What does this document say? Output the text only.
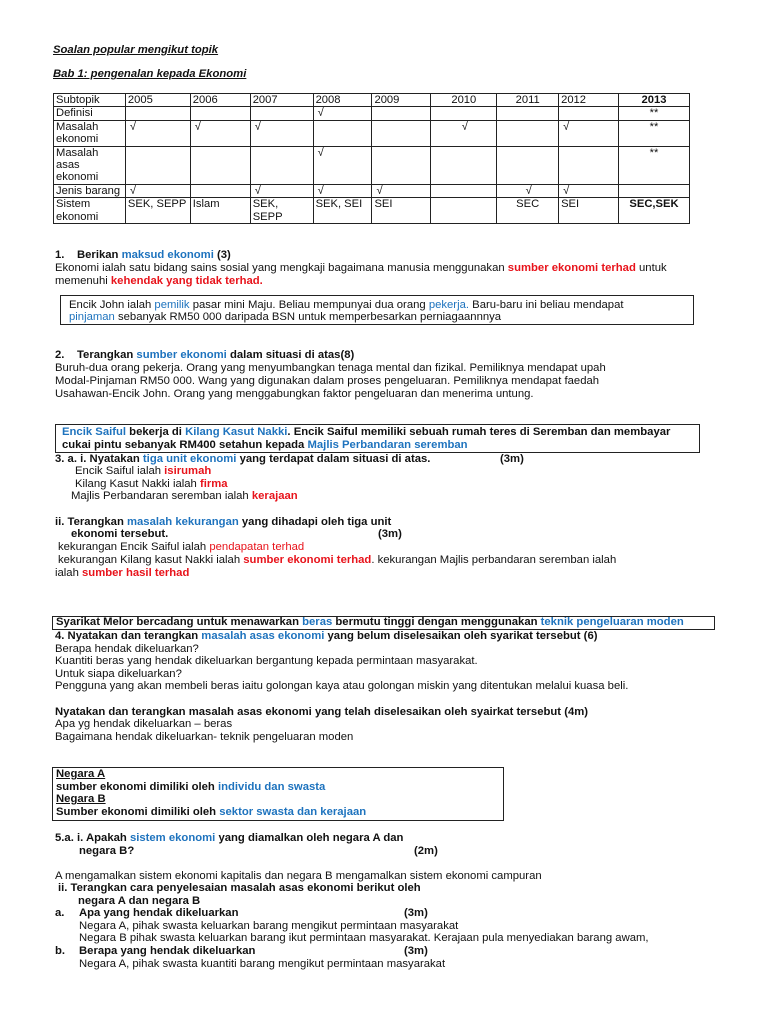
Soalan popular mengikut topik
Bab 1: pengenalan kepada Ekonomi
Subtopik	2005	2006	2007	2008	2009	2010	2011	2012	2013
Definisi				√					**
Masalah ekonomi	√	√	√			√		√	**
Masalah asas ekonomi				√					**
Jenis barang	√		√	√	√		√	√	
Sistem ekonomi	SEK, SEPP	Islam	SEK, SEPP	SEK, SEI	SEI		SEC	SEI	SEC,SEK
1. Berikan maksud ekonomi (3)
Ekonomi ialah satu bidang sains sosial yang mengkaji bagaimana manusia menggunakan sumber ekonomi terhad untuk
memenuhi kehendak yang tidak terhad.
Encik John ialah pemilik pasar mini Maju. Beliau mempunyai dua orang pekerja. Baru-baru ini beliau mendapat
pinjaman sebanyak RM50 000 daripada BSN untuk memperbesarkan perniagaannnya
2. Terangkan sumber ekonomi dalam situasi di atas(8)
Buruh-dua orang pekerja. Orang yang menyumbangkan tenaga mental dan fizikal. Pemiliknya mendapat upah
Modal-Pinjaman RM50 000. Wang yang digunakan dalam proses pengeluaran. Pemiliknya mendapat faedah
Usahawan-Encik John. Orang yang menggabungkan faktor pengeluaran dan menerima untung.
Encik Saiful bekerja di Kilang Kasut Nakki. Encik Saiful memiliki sebuah rumah teres di Seremban dan membayar
cukai pintu sebanyak RM400 setahun kepada Majlis Perbandaran seremban
3. a. i. Nyatakan tiga unit ekonomi yang terdapat dalam situasi di atas.	(3m)
Encik Saiful ialah isirumah
Kilang Kasut Nakki ialah firma
Majlis Perbandaran seremban ialah kerajaan
ii. Terangkan masalah kekurangan yang dihadapi oleh tiga unit
ekonomi tersebut.	(3m)
kekurangan Encik Saiful ialah pendapatan terhad
kekurangan Kilang kasut Nakki ialah sumber ekonomi terhad. kekurangan Majlis perbandaran seremban ialah
ialah sumber hasil terhad
Syarikat Melor bercadang untuk menawarkan beras bermutu tinggi dengan menggunakan teknik pengeluaran moden
4. Nyatakan dan terangkan masalah asas ekonomi yang belum diselesaikan oleh syarikat tersebut (6)
Berapa hendak dikeluarkan?
Kuantiti beras yang hendak dikeluarkan bergantung kepada permintaan masyarakat.
Untuk siapa dikeluarkan?
Pengguna yang akan membeli beras iaitu golongan kaya atau golongan miskin yang ditentukan melalui kuasa beli.
Nyatakan dan terangkan masalah asas ekonomi yang telah diselesaikan oleh syairkat tersebut (4m)
Apa yg hendak dikeluarkan – beras
Bagaimana hendak dikeluarkan- teknik pengeluaran moden
Negara A
sumber ekonomi dimiliki oleh individu dan swasta
Negara B
Sumber ekonomi dimiliki oleh sektor swasta dan kerajaan
5.a. i. Apakah sistem ekonomi yang diamalkan oleh negara A dan
negara B?	(2m)
A mengamalkan sistem ekonomi kapitalis dan negara B mengamalkan sistem ekonomi campuran
ii. Terangkan cara penyelesaian masalah asas ekonomi berikut oleh
negara A dan negara B
a. Apa yang hendak dikeluarkan	(3m)
Negara A, pihak swasta keluarkan barang mengikut permintaan masyarakat
Negara B pihak swasta keluarkan barang ikut permintaan masyarakat. Kerajaan pula menyediakan barang awam,
b. Berapa yang hendak dikeluarkan	(3m)
Negara A, pihak swasta kuantiti barang mengikut permintaan masyarakat
